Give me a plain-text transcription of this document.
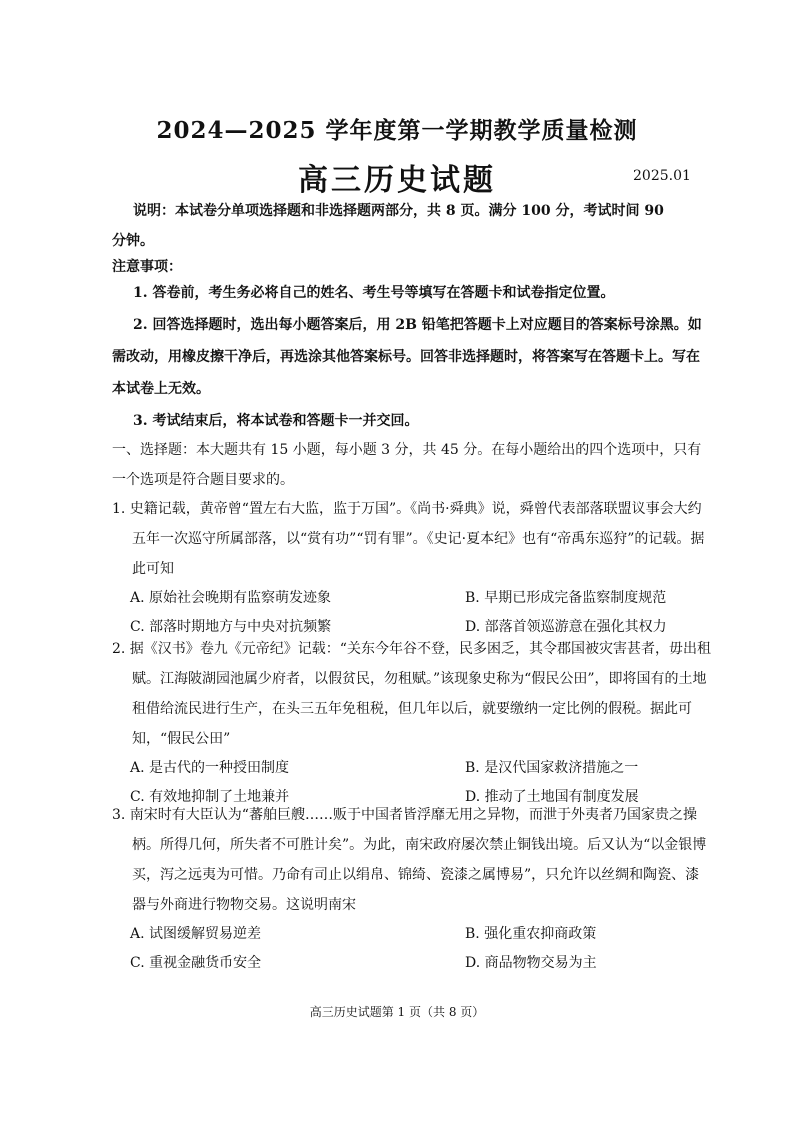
2024—2025 学年度第一学期教学质量检测
高三历史试题	2025.01

说明：本试卷分单项选择题和非选择题两部分，共 8 页。满分 100 分，考试时间 90

分钟。

注意事项：

1. 答卷前，考生务必将自己的姓名、考生号等填写在答题卡和试卷指定位置。

2. 回答选择题时，选出每小题答案后，用 2B 铅笔把答题卡上对应题目的答案标号涂黑。如需改动，用橡皮擦干净后，再选涂其他答案标号。回答非选择题时，将答案写在答题卡上。写在本试卷上无效。

3. 考试结束后，将本试卷和答题卡一并交回。

一、选择题：本大题共有 15 小题，每小题 3 分，共 45 分。在每小题给出的四个选项中，只有一个选项是符合题目要求的。

1. 史籍记载，黄帝曾“置左右大监，监于万国”。《尚书·舜典》说，舜曾代表部落联盟议事会大约五年一次巡守所属部落，以“赏有功”“罚有罪”。《史记·夏本纪》也有“帝禹东巡狩”的记载。据此可知

A. 原始社会晚期有监察萌发迹象	B. 早期已形成完备监察制度规范
C. 部落时期地方与中央对抗频繁	D. 部落首领巡游意在强化其权力

2. 据《汉书》卷九《元帝纪》记载：“关东今年谷不登，民多困乏，其令郡国被灾害甚者，毋出租赋。江海陂湖园池属少府者，以假贫民，勿租赋。”该现象史称为“假民公田”，即将国有的土地租借给流民进行生产，在头三五年免租税，但几年以后，就要缴纳一定比例的假税。据此可知，“假民公田”

A. 是古代的一种授田制度	B. 是汉代国家救济措施之一
C. 有效地抑制了土地兼并	D. 推动了土地国有制度发展

3. 南宋时有大臣认为“蕃舶巨艘……贩于中国者皆浮靡无用之异物，而泄于外夷者乃国家贵之操柄。所得几何，所失者不可胜计矣”。为此，南宋政府屡次禁止铜钱出境。后又认为“以金银博买，泻之远夷为可惜。乃命有司止以绢帛、锦绮、瓷漆之属博易”，只允许以丝绸和陶瓷、漆器与外商进行物物交易。这说明南宋

A. 试图缓解贸易逆差	B. 强化重农抑商政策
C. 重视金融货币安全	D. 商品物物交易为主
高三历史试题第 1 页（共 8 页）
